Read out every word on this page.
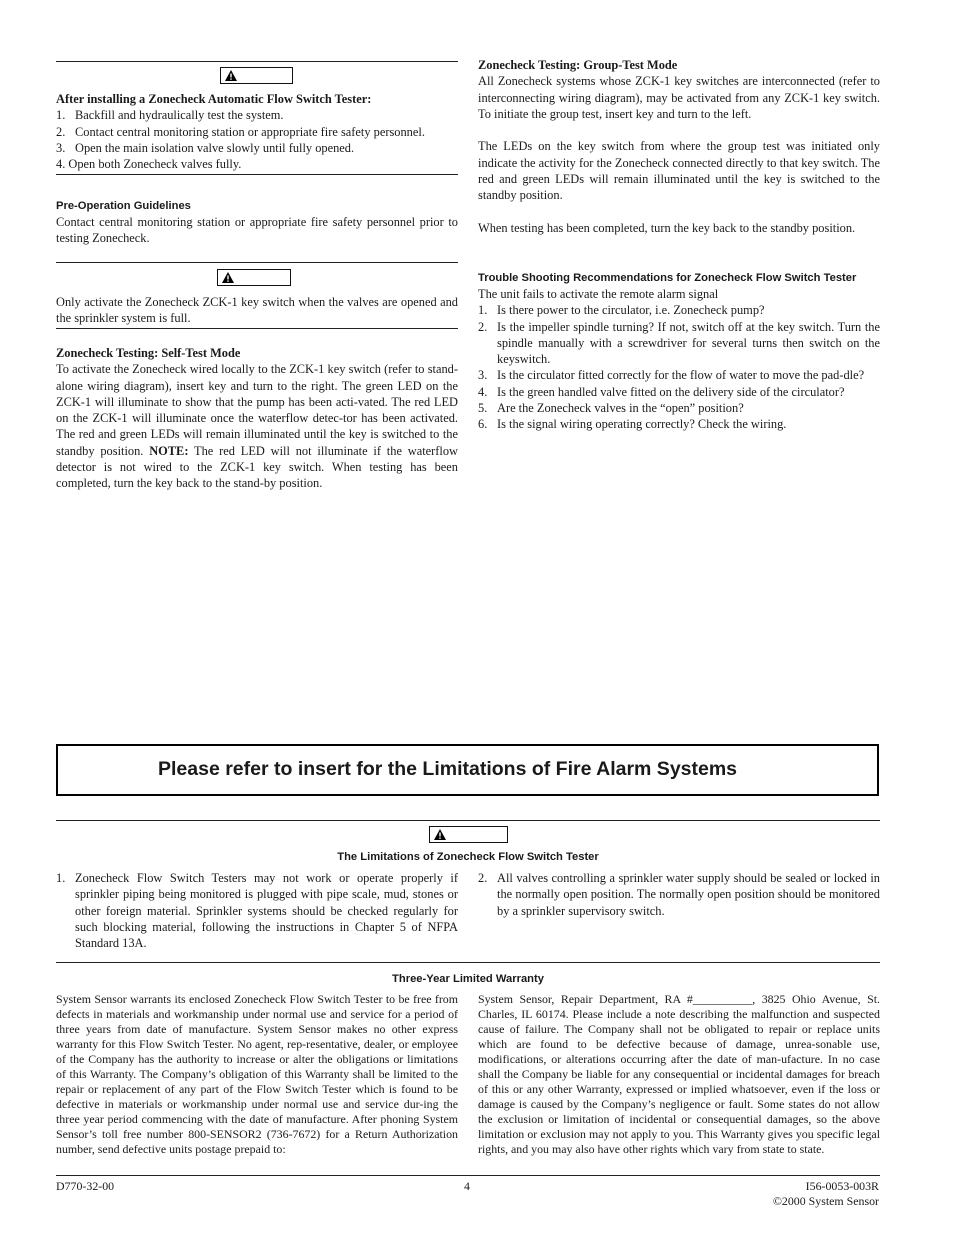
After installing a Zonecheck Automatic Flow Switch Tester:

1. Backfill and hydraulically test the system.
2. Contact central monitoring station or appropriate fire safety personnel.
3. Open the main isolation valve slowly until fully opened.

4. Open both Zonecheck valves fully.

Pre-Operation Guidelines

Contact central monitoring station or appropriate fire safety personnel prior to testing Zonecheck.

Only activate the Zonecheck ZCK-1 key switch when the valves are opened and the sprinkler system is full.

Zonecheck Testing: Self-Test Mode

To activate the Zonecheck wired locally to the ZCK-1 key switch (refer to stand-alone wiring diagram), insert key and turn to the right. The green LED on the ZCK-1 will illuminate to show that the pump has been acti-vated. The red LED on the ZCK-1 will illuminate once the waterflow detec-tor has been activated. The red and green LEDs will remain illuminated until the key is switched to the standby position. NOTE: The red LED will not illuminate if the waterflow detector is not wired to the ZCK-1 key switch. When testing has been completed, turn the key back to the stand-by position.

Zonecheck Testing: Group-Test Mode

All Zonecheck systems whose ZCK-1 key switches are interconnected (refer to interconnecting wiring diagram), may be activated from any ZCK-1 key switch. To initiate the group test, insert key and turn to the left.

The LEDs on the key switch from where the group test was initiated only indicate the activity for the Zonecheck connected directly to that key switch. The red and green LEDs will remain illuminated until the key is switched to the standby position.

When testing has been completed, turn the key back to the standby position.

Trouble Shooting Recommendations for Zonecheck Flow Switch Tester

The unit fails to activate the remote alarm signal

1. Is there power to the circulator, i.e. Zonecheck pump?
2. Is the impeller spindle turning? If not, switch off at the key switch. Turn the spindle manually with a screwdriver for several turns then switch on the keyswitch.
3. Is the circulator fitted correctly for the flow of water to move the pad-dle?
4. Is the green handled valve fitted on the delivery side of the circulator?
5. Are the Zonecheck valves in the “open” position?
6. Is the signal wiring operating correctly? Check the wiring.
Please refer to insert for the Limitations of Fire Alarm Systems
The Limitations of Zonecheck Flow Switch Tester
1. Zonecheck Flow Switch Testers may not work or operate properly if sprinkler piping being monitored is plugged with pipe scale, mud, stones or other foreign material. Sprinkler systems should be checked regularly for such blocking material, following the instructions in Chapter 5 of NFPA Standard 13A.
2. All valves controlling a sprinkler water supply should be sealed or locked in the normally open position. The normally open position should be monitored by a sprinkler supervisory switch.
Three-Year Limited Warranty
System Sensor warrants its enclosed Zonecheck Flow Switch Tester to be free from defects in materials and workmanship under normal use and service for a period of three years from date of manufacture. System Sensor makes no other express warranty for this Flow Switch Tester. No agent, rep-resentative, dealer, or employee of the Company has the authority to increase or alter the obligations or limitations of this Warranty. The Company’s obligation of this Warranty shall be limited to the repair or replacement of any part of the Flow Switch Tester which is found to be defective in materials or workmanship under normal use and service dur-ing the three year period commencing with the date of manufacture. After phoning System Sensor’s toll free number 800-SENSOR2 (736-7672) for a Return Authorization number, send defective units postage prepaid to:
System Sensor, Repair Department, RA #__________, 3825 Ohio Avenue, St. Charles, IL 60174. Please include a note describing the malfunction and suspected cause of failure. The Company shall not be obligated to repair or replace units which are found to be defective because of damage, unrea-sonable use, modifications, or alterations occurring after the date of man-ufacture. In no case shall the Company be liable for any consequential or incidental damages for breach of this or any other Warranty, expressed or implied whatsoever, even if the loss or damage is caused by the Company’s negligence or fault. Some states do not allow the exclusion or limitation of incidental or consequential damages, so the above limitation or exclusion may not apply to you. This Warranty gives you specific legal rights, and you may also have other rights which vary from state to state.
D770-32-00	4	I56-0053-003R
©2000 System Sensor
